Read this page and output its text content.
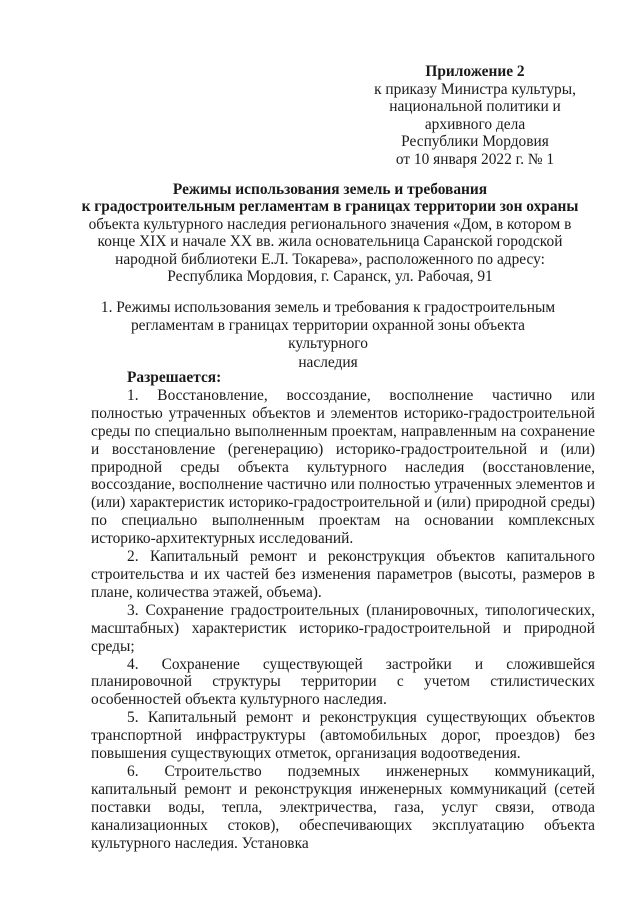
Приложение 2
к приказу Министра культуры,
национальной политики и
архивного дела
Республики Мордовия
от 10 января 2022 г. № 1
Режимы использования земель и требования
к градостроительным регламентам в границах территории зон охраны
объекта культурного наследия регионального значения «Дом, в котором в
конце XIX и начале XX вв. жила основательница Саранской городской
народной библиотеки Е.Л. Токарева», расположенного по адресу:
Республика Мордовия, г. Саранск, ул. Рабочая, 91
1. Режимы использования земель и требования к градостроительным
регламентам в границах территории охранной зоны объекта культурного
наследия
Разрешается:

1. Восстановление, воссоздание, восполнение частично или полностью утраченных объектов и элементов историко-градостроительной среды по специально выполненным проектам, направленным на сохранение и восстановление (регенерацию) историко-градостроительной и (или) природной среды объекта культурного наследия (восстановление, воссоздание, восполнение частично или полностью утраченных элементов и (или) характеристик историко-градостроительной и (или) природной среды) по специально выполненным проектам на основании комплексных историко-архитектурных исследований.

2. Капитальный ремонт и реконструкция объектов капитального строительства и их частей без изменения параметров (высоты, размеров в плане, количества этажей, объема).

3. Сохранение градостроительных (планировочных, типологических, масштабных) характеристик историко-градостроительной и природной среды;

4. Сохранение существующей застройки и сложившейся планировочной структуры территории с учетом стилистических особенностей объекта культурного наследия.

5. Капитальный ремонт и реконструкция существующих объектов транспортной инфраструктуры (автомобильных дорог, проездов) без повышения существующих отметок, организация водоотведения.

6. Строительство подземных инженерных коммуникаций, капитальный ремонт и реконструкция инженерных коммуникаций (сетей поставки воды, тепла, электричества, газа, услуг связи, отвода канализационных стоков), обеспечивающих эксплуатацию объекта культурного наследия. Установка
